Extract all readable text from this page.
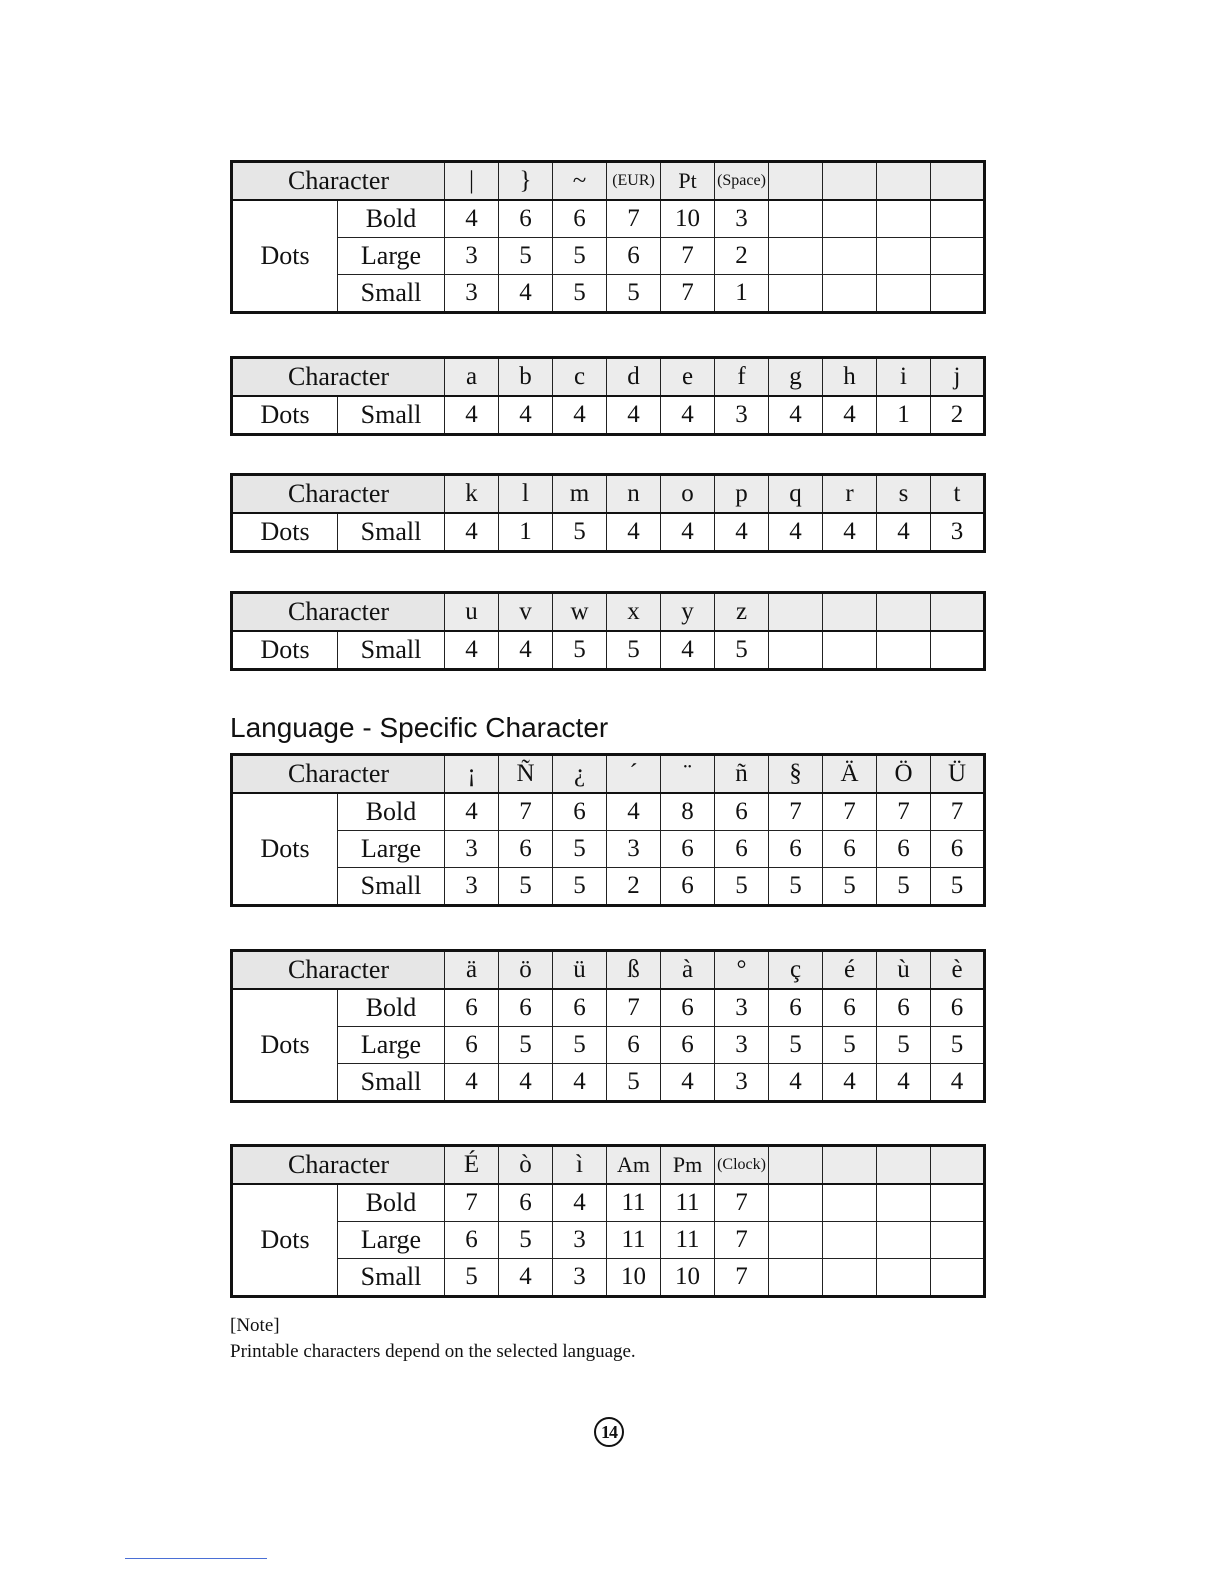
Character		|	}	~	(EUR)	Pt	(Space)				
Dots	Bold	4	6	6	7	10	3				
	Large	3	5	5	6	7	2				
	Small	3	4	5	5	7	1				
Character		a	b	c	d	e	f	g	h	i	j
Dots	Small	4	4	4	4	4	3	4	4	1	2
Character		k	l	m	n	o	p	q	r	s	t
Dots	Small	4	1	5	4	4	4	4	4	4	3
Character		u	v	w	x	y	z				
Dots	Small	4	4	5	5	4	5				
Language - Specific Character
Character		¡	Ñ	¿	´	¨	ñ	§	Ä	Ö	Ü
Dots	Bold	4	7	6	4	8	6	7	7	7	7
	Large	3	6	5	3	6	6	6	6	6	6
	Small	3	5	5	2	6	5	5	5	5	5
Character		ä	ö	ü	ß	à	°	ç	é	ù	è
Dots	Bold	6	6	6	7	6	3	6	6	6	6
	Large	6	5	5	6	6	3	5	5	5	5
	Small	4	4	4	5	4	3	4	4	4	4
Character		É	ò	ì	Am	Pm	(Clock)				
Dots	Bold	7	6	4	11	11	7				
	Large	6	5	3	11	11	7				
	Small	5	4	3	10	10	7				
[Note]
Printable characters depend on the selected language.
14
